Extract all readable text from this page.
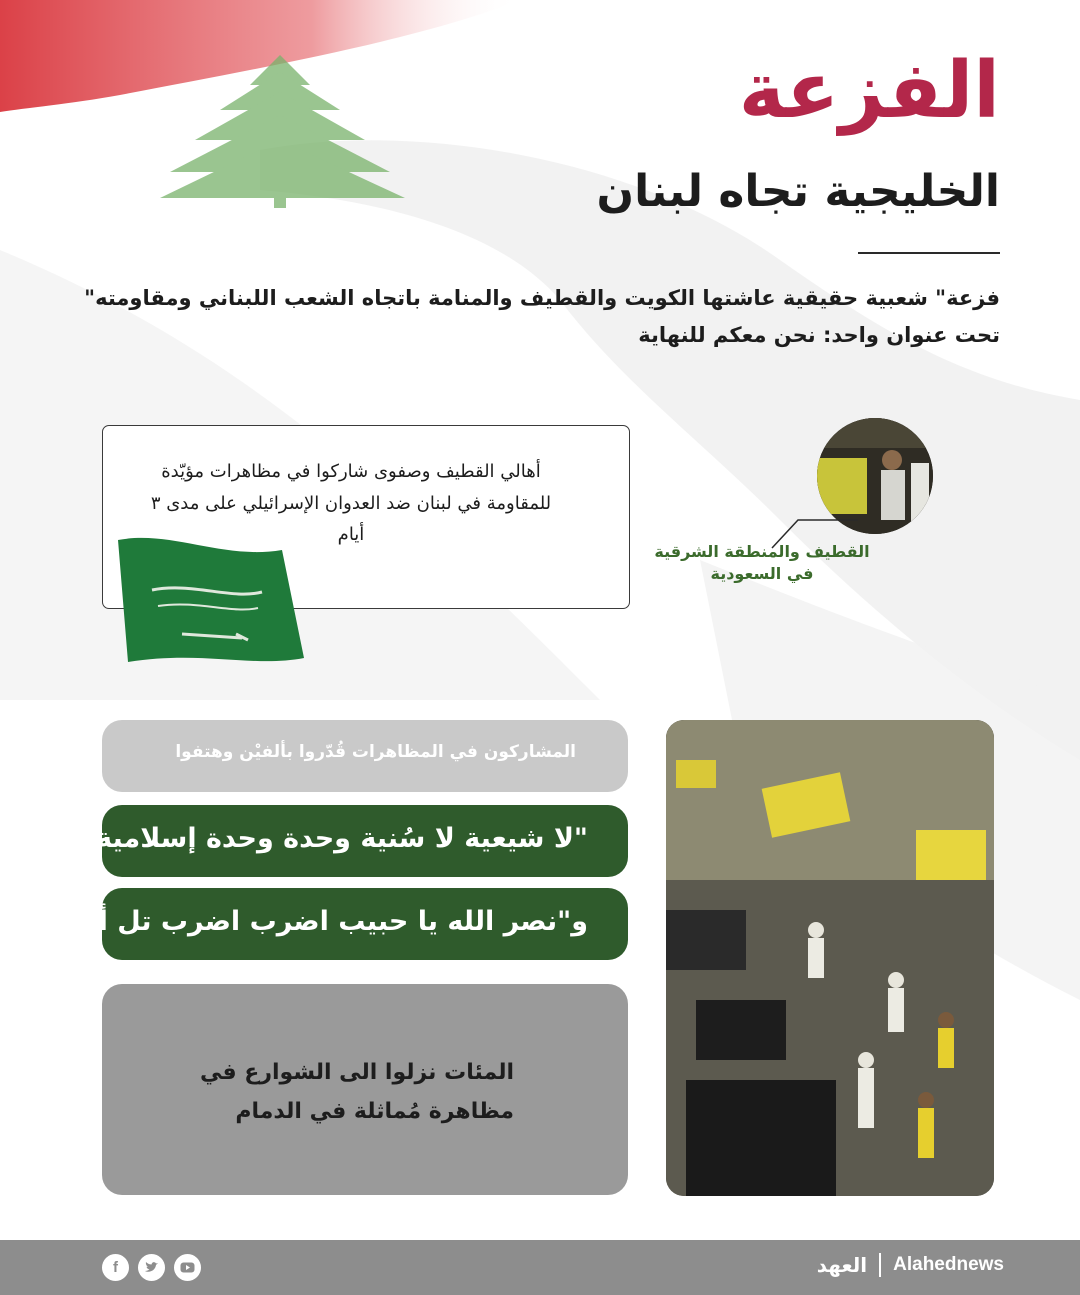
الفزعة
الخليجية تجاه لبنان
فزعة" شعبية حقيقية عاشتها الكويت والقطيف والمنامة باتجاه الشعب اللبناني ومقاومته" تحت عنوان واحد: نحن معكم للنهاية
أهالي القطيف وصفوى شاركوا في مظاهرات مؤيّدة للمقاومة في لبنان ضد العدوان الإسرائيلي على مدى ٣ أيام
القطيف والمنطقة الشرقية في السعودية
المشاركون في المظاهرات قُدّروا بألفيْن وهتفوا
"لا شيعية لا سُنية وحدة وحدة إسلامية"
و"نصر الله يا حبيب اضرب اضرب تل أبيب"
المئات نزلوا الى الشوارع في مظاهرة مُماثلة في الدمام
العهد Alahednews
f
